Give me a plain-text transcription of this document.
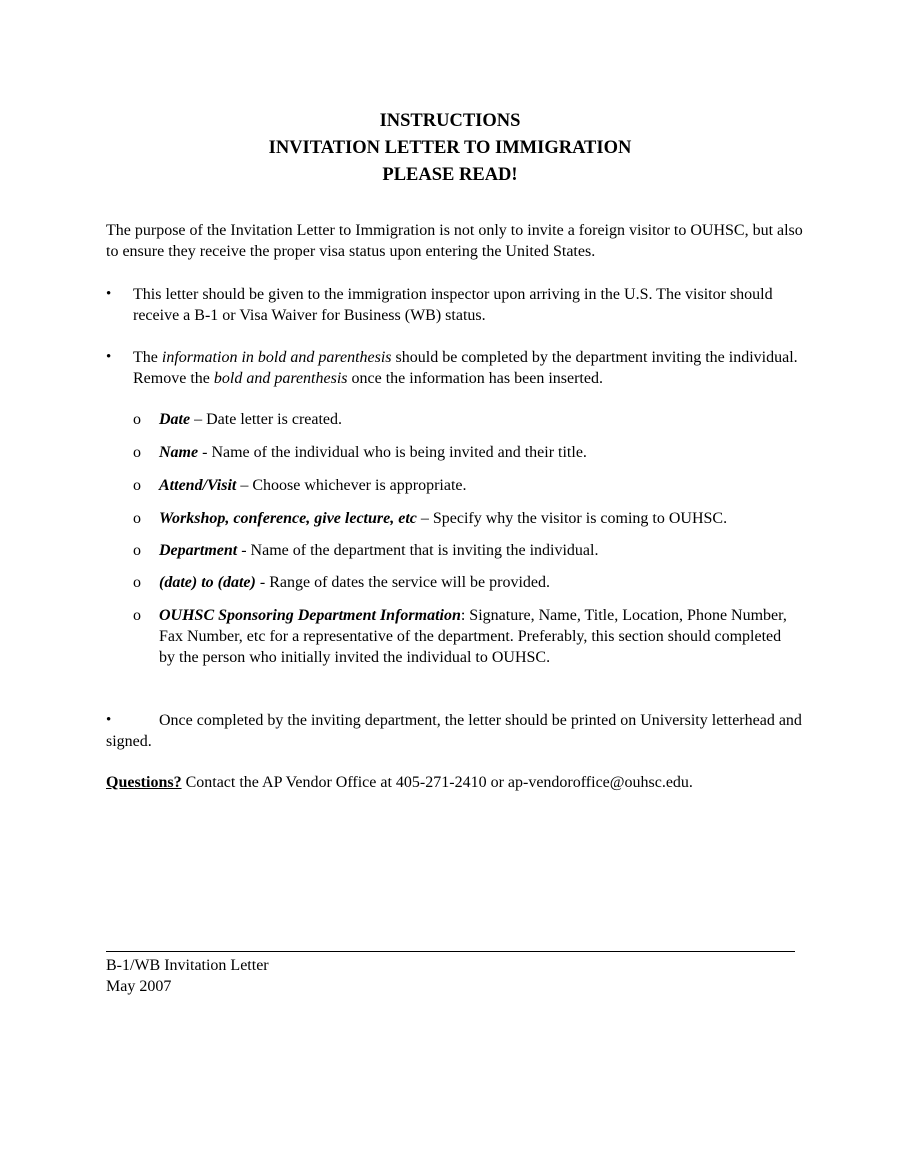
INSTRUCTIONS
INVITATION LETTER TO IMMIGRATION
PLEASE READ!

The purpose of the Invitation Letter to Immigration is not only to invite a foreign visitor to OUHSC, but also to ensure they receive the proper visa status upon entering the United States.

•	This letter should be given to the immigration inspector upon arriving in the U.S. The visitor should receive a B-1 or Visa Waiver for Business (WB) status.
•	The information in bold and parenthesis should be completed by the department inviting the individual. Remove the bold and parenthesis once the information has been inserted.
o Date – Date letter is created.
o Name - Name of the individual who is being invited and their title.
o Attend/Visit – Choose whichever is appropriate.
o Workshop, conference, give lecture, etc – Specify why the visitor is coming to OUHSC.
o Department - Name of the department that is inviting the individual.
o (date) to (date) - Range of dates the service will be provided.
o OUHSC Sponsoring Department Information: Signature, Name, Title, Location, Phone Number, Fax Number, etc for a representative of the department. Preferably, this section should completed by the person who initially invited the individual to OUHSC.
•	Once completed by the inviting department, the letter should be printed on University letterhead and signed.
Questions? Contact the AP Vendor Office at 405-271-2410 or ap-vendoroffice@ouhsc.edu.
B-1/WB Invitation Letter
May 2007
